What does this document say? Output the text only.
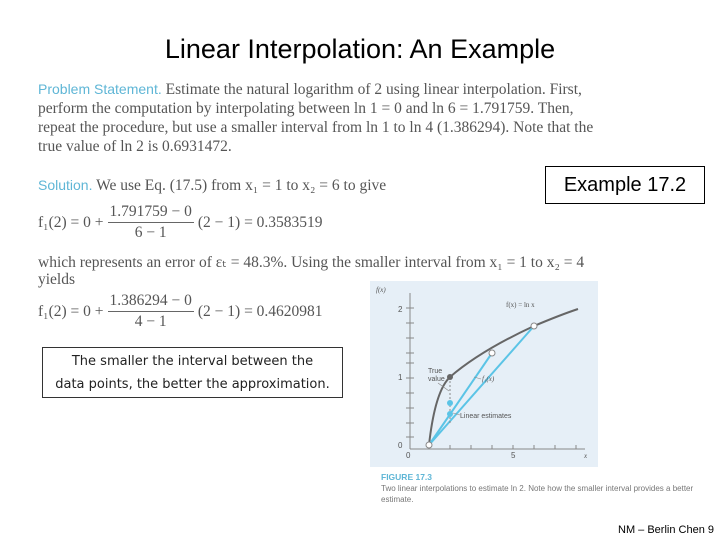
Linear Interpolation: An Example
Problem Statement. Estimate the natural logarithm of 2 using linear interpolation. First,
perform the computation by interpolating between ln 1 = 0 and ln 6 = 1.791759. Then,
repeat the procedure, but use a smaller interval from ln 1 to ln 4 (1.386294). Note that the
true value of ln 2 is 0.6931472.
Solution. We use Eq. (17.5) from x₁ = 1 to x₂ = 6 to give
$f_1(2) = 0 + \frac{1.791759 - 0}{6 - 1} (2 - 1) = 0.3583519$
which represents an error of εₜ = 48.3%. Using the smaller interval from x₁ = 1 to x₂ = 4
yields
$f_1(2) = 0 + \frac{1.386294 - 0}{4 - 1} (2 - 1) = 0.4620981$
Example 17.2
The smaller the interval between the
data points, the better the approximation.
f(x)
2
1
0
0	5	x
f(x) = ln x
True
value	f₁(x)
Linear estimates
FIGURE 17.3
Two linear interpolations to estimate ln 2. Note how the smaller interval provides a better estimate.
NM – Berlin Chen 9
